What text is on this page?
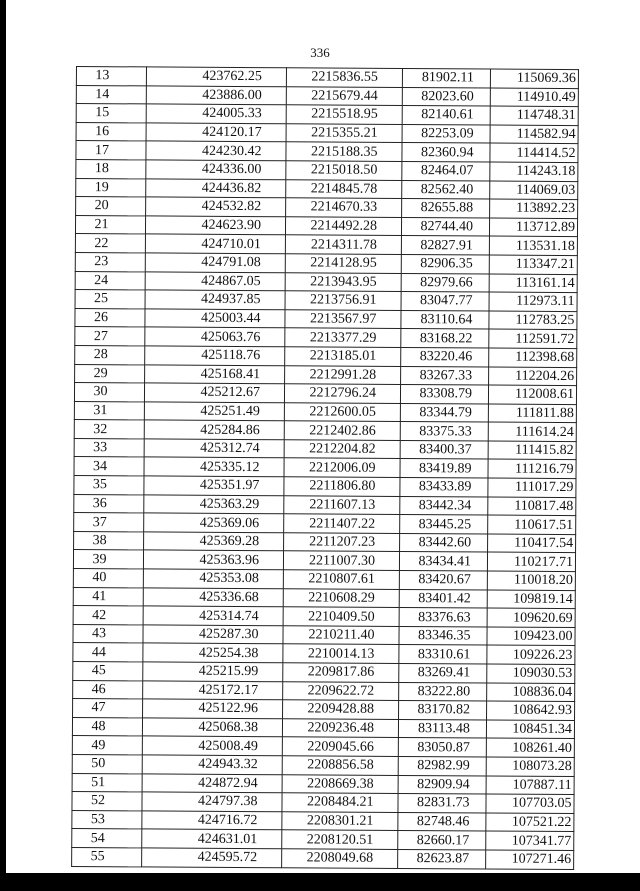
336
13	423762.25	2215836.55	81902.11	115069.36
14	423886.00	2215679.44	82023.60	114910.49
15	424005.33	2215518.95	82140.61	114748.31
16	424120.17	2215355.21	82253.09	114582.94
17	424230.42	2215188.35	82360.94	114414.52
18	424336.00	2215018.50	82464.07	114243.18
19	424436.82	2214845.78	82562.40	114069.03
20	424532.82	2214670.33	82655.88	113892.23
21	424623.90	2214492.28	82744.40	113712.89
22	424710.01	2214311.78	82827.91	113531.18
23	424791.08	2214128.95	82906.35	113347.21
24	424867.05	2213943.95	82979.66	113161.14
25	424937.85	2213756.91	83047.77	112973.11
26	425003.44	2213567.97	83110.64	112783.25
27	425063.76	2213377.29	83168.22	112591.72
28	425118.76	2213185.01	83220.46	112398.68
29	425168.41	2212991.28	83267.33	112204.26
30	425212.67	2212796.24	83308.79	112008.61
31	425251.49	2212600.05	83344.79	111811.88
32	425284.86	2212402.86	83375.33	111614.24
33	425312.74	2212204.82	83400.37	111415.82
34	425335.12	2212006.09	83419.89	111216.79
35	425351.97	2211806.80	83433.89	111017.29
36	425363.29	2211607.13	83442.34	110817.48
37	425369.06	2211407.22	83445.25	110617.51
38	425369.28	2211207.23	83442.60	110417.54
39	425363.96	2211007.30	83434.41	110217.71
40	425353.08	2210807.61	83420.67	110018.20
41	425336.68	2210608.29	83401.42	109819.14
42	425314.74	2210409.50	83376.63	109620.69
43	425287.30	2210211.40	83346.35	109423.00
44	425254.38	2210014.13	83310.61	109226.23
45	425215.99	2209817.86	83269.41	109030.53
46	425172.17	2209622.72	83222.80	108836.04
47	425122.96	2209428.88	83170.82	108642.93
48	425068.38	2209236.48	83113.48	108451.34
49	425008.49	2209045.66	83050.87	108261.40
50	424943.32	2208856.58	82982.99	108073.28
51	424872.94	2208669.38	82909.94	107887.11
52	424797.38	2208484.21	82831.73	107703.05
53	424716.72	2208301.21	82748.46	107521.22
54	424631.01	2208120.51	82660.17	107341.77
55	424595.72	2208049.68	82623.87	107271.46
